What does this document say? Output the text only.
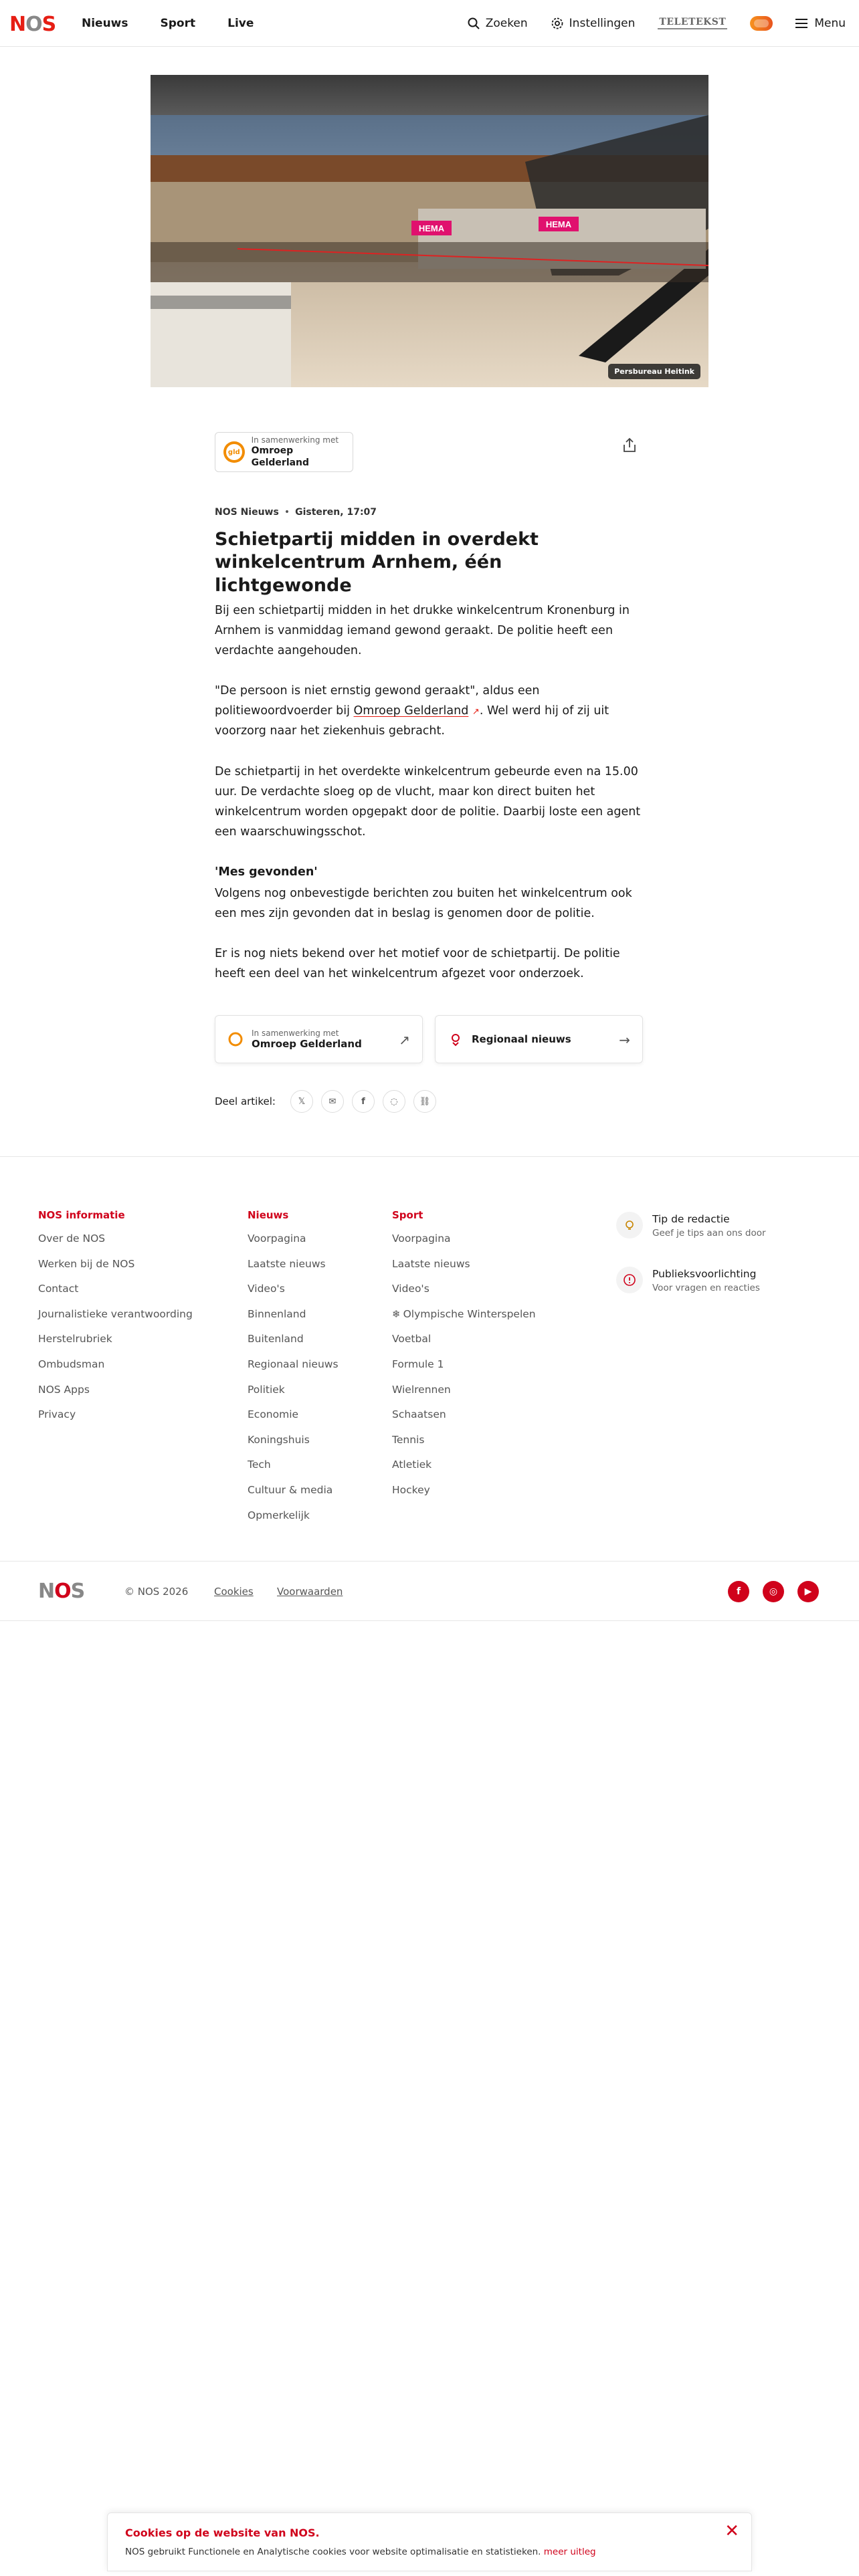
NOS Nieuws	Sport	Live	Zoeken	Instellingen	TELETEKST	Menu
HEMA	HEMA
Persbureau Heitink
gld
In samenwerking met
Omroep Gelderland
NOS Nieuws • Gisteren, 17:07
Schietpartij midden in overdekt winkelcentrum Arnhem, één lichtgewonde

Bij een schietpartij midden in het drukke winkelcentrum Kronenburg in Arnhem is vanmiddag iemand gewond geraakt. De politie heeft een verdachte aangehouden.

"De persoon is niet ernstig gewond geraakt", aldus een politiewoordvoerder bij Omroep Gelderland ↗. Wel werd hij of zij uit voorzorg naar het ziekenhuis gebracht.

De schietpartij in het overdekte winkelcentrum gebeurde even na 15.00 uur. De verdachte sloeg op de vlucht, maar kon direct buiten het winkelcentrum worden opgepakt door de politie. Daarbij loste een agent een waarschuwingsschot.

'Mes gevonden'

Volgens nog onbevestigde berichten zou buiten het winkelcentrum ook een mes zijn gevonden dat in beslag is genomen door de politie.

Er is nog niets bekend over het motief voor de schietpartij. De politie heeft een deel van het winkelcentrum afgezet voor onderzoek.

In samenwerking met
Omroep Gelderland	↗	Regionaal nieuws	→
Deel artikel:	𝕏	✉	f	◌	⛓
NOS informatie
Over de NOS
Werken bij de NOS
Contact
Journalistieke verantwoording
Herstelrubriek
Ombudsman
NOS Apps
Privacy
Nieuws
Voorpagina
Laatste nieuws
Video's
Binnenland
Buitenland
Regionaal nieuws
Politiek
Economie
Koningshuis
Tech
Cultuur & media
Opmerkelijk
Sport
Voorpagina
Laatste nieuws
Video's
❄ Olympische Winterspelen
Voetbal
Formule 1
Wielrennen
Schaatsen
Tennis
Atletiek
Hockey
Tip de redactie
Geef je tips aan ons door
Publieksvoorlichting
Voor vragen en reacties
NOS	© NOS 2026	Cookies Voorwaarden	f	◎	▶
Cookies op de website van NOS.
NOS gebruikt Functionele en Analytische cookies voor website optimalisatie en statistieken. meer uitleg
✕
